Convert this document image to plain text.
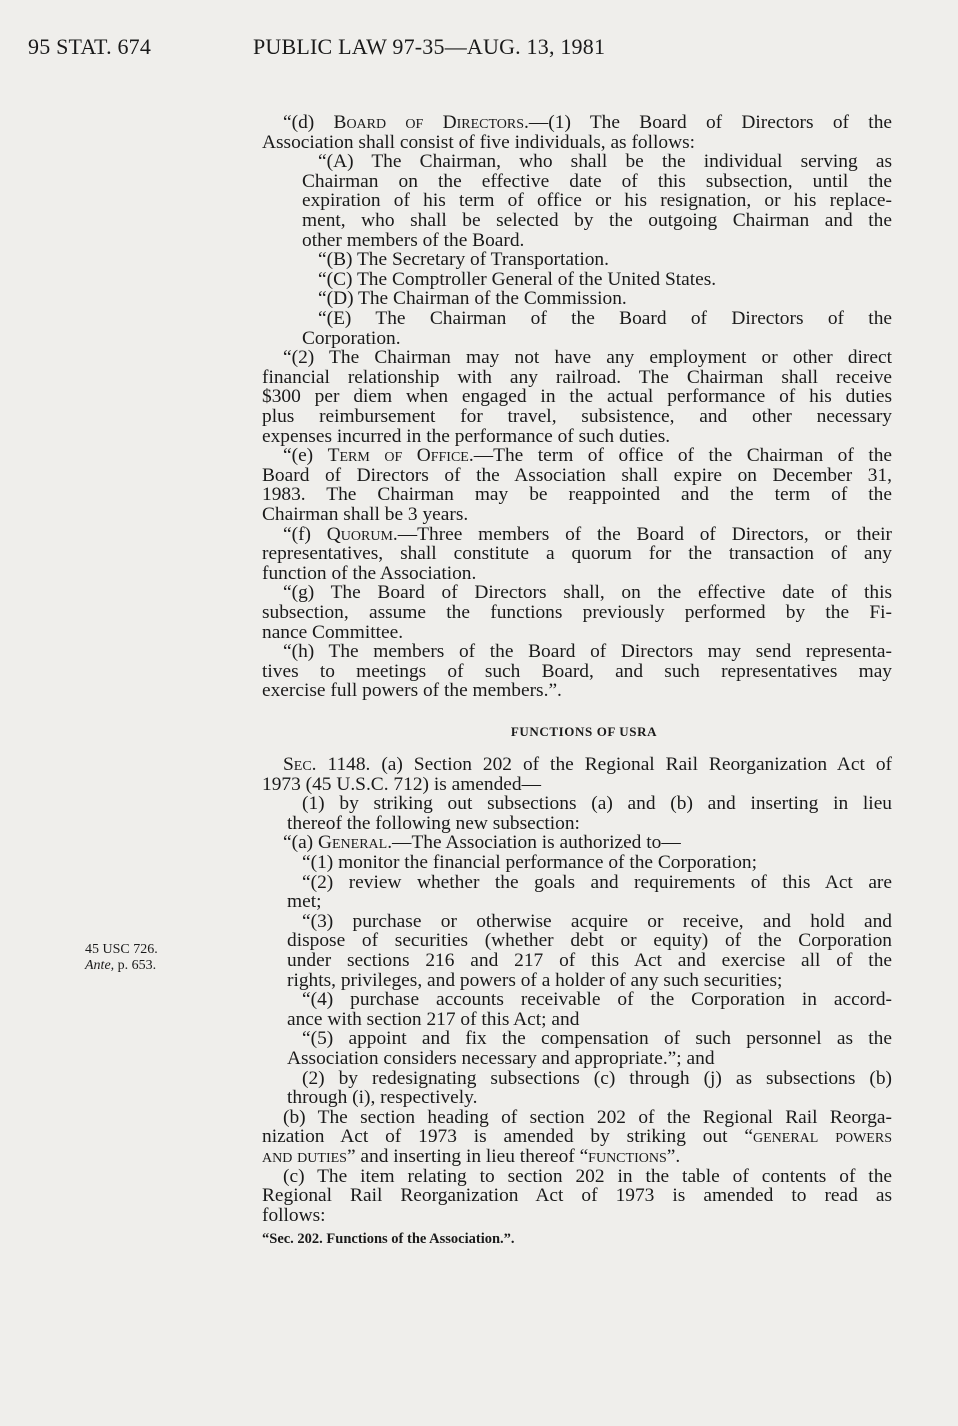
95 STAT. 674	PUBLIC LAW 97-35—AUG. 13, 1981
“(d) Board of Directors.—(1) The Board of Directors of the
Association shall consist of five individuals, as follows:
“(A) The Chairman, who shall be the individual serving as
Chairman on the effective date of this subsection, until the
expiration of his term of office or his resignation, or his replace-
ment, who shall be selected by the outgoing Chairman and the
other members of the Board.
“(B) The Secretary of Transportation.
“(C) The Comptroller General of the United States.
“(D) The Chairman of the Commission.
“(E) The Chairman of the Board of Directors of the
Corporation.
“(2) The Chairman may not have any employment or other direct
financial relationship with any railroad. The Chairman shall receive
$300 per diem when engaged in the actual performance of his duties
plus reimbursement for travel, subsistence, and other necessary
expenses incurred in the performance of such duties.
“(e) Term of Office.—The term of office of the Chairman of the
Board of Directors of the Association shall expire on December 31,
1983. The Chairman may be reappointed and the term of the
Chairman shall be 3 years.
“(f) Quorum.—Three members of the Board of Directors, or their
representatives, shall constitute a quorum for the transaction of any
function of the Association.
“(g) The Board of Directors shall, on the effective date of this
subsection, assume the functions previously performed by the Fi-
nance Committee.
“(h) The members of the Board of Directors may send representa-
tives to meetings of such Board, and such representatives may
exercise full powers of the members.”.
Sec. 1148. (a) Section 202 of the Regional Rail Reorganization Act of
1973 (45 U.S.C. 712) is amended—
(1) by striking out subsections (a) and (b) and inserting in lieu
thereof the following new subsection:
“(a) General.—The Association is authorized to—
“(1) monitor the financial performance of the Corporation;
“(2) review whether the goals and requirements of this Act are
met;
“(3) purchase or otherwise acquire or receive, and hold and
dispose of securities (whether debt or equity) of the Corporation
under sections 216 and 217 of this Act and exercise all of the
rights, privileges, and powers of a holder of any such securities;
“(4) purchase accounts receivable of the Corporation in accord-
ance with section 217 of this Act; and
“(5) appoint and fix the compensation of such personnel as the
Association considers necessary and appropriate.”; and
(2) by redesignating subsections (c) through (j) as subsections (b)
through (i), respectively.
(b) The section heading of section 202 of the Regional Rail Reorga-
nization Act of 1973 is amended by striking out “general powers
and duties” and inserting in lieu thereof “functions”.
(c) The item relating to section 202 in the table of contents of the
Regional Rail Reorganization Act of 1973 is amended to read as
follows:
“Sec. 202. Functions of the Association.”.
FUNCTIONS OF USRA
45 USC 726.
Ante, p. 653.
